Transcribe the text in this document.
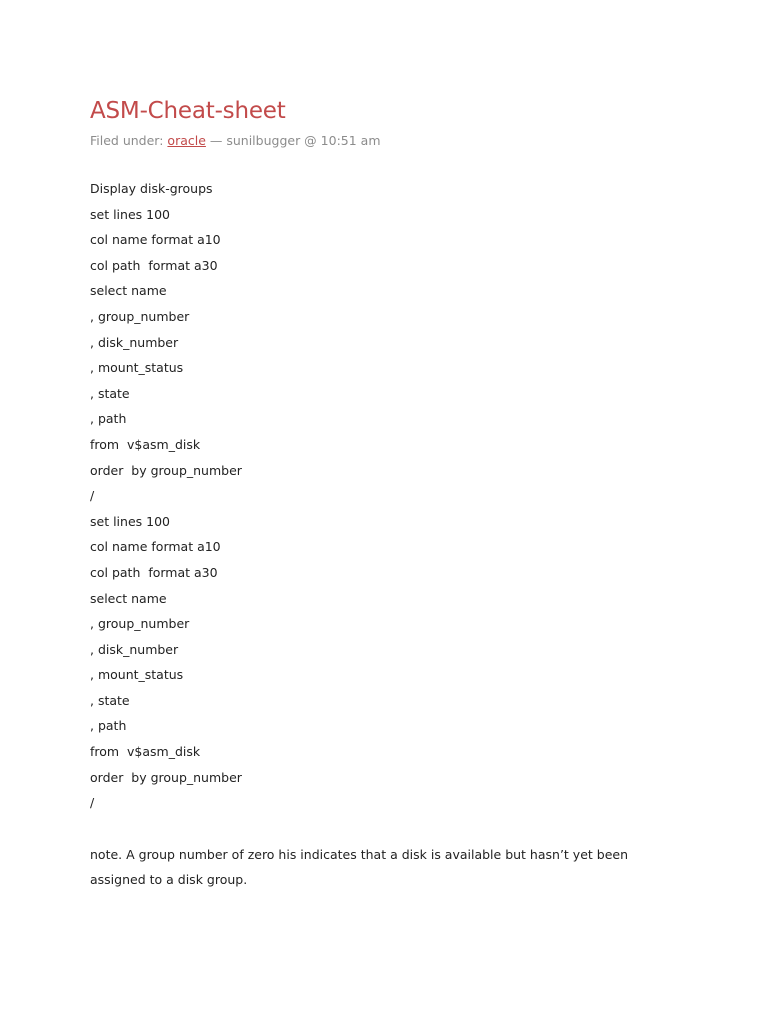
ASM-Cheat-sheet
Filed under: oracle — sunilbugger @ 10:51 am
Display disk-groups
set lines 100
col name format a10
col path  format a30
select name
, group_number
, disk_number
, mount_status
, state
, path
from  v$asm_disk
order  by group_number
/
set lines 100
col name format a10
col path  format a30
select name
, group_number
, disk_number
, mount_status
, state
, path
from  v$asm_disk
order  by group_number
/
note. A group number of zero his indicates that a disk is available but hasn’t yet been assigned to a disk group.
